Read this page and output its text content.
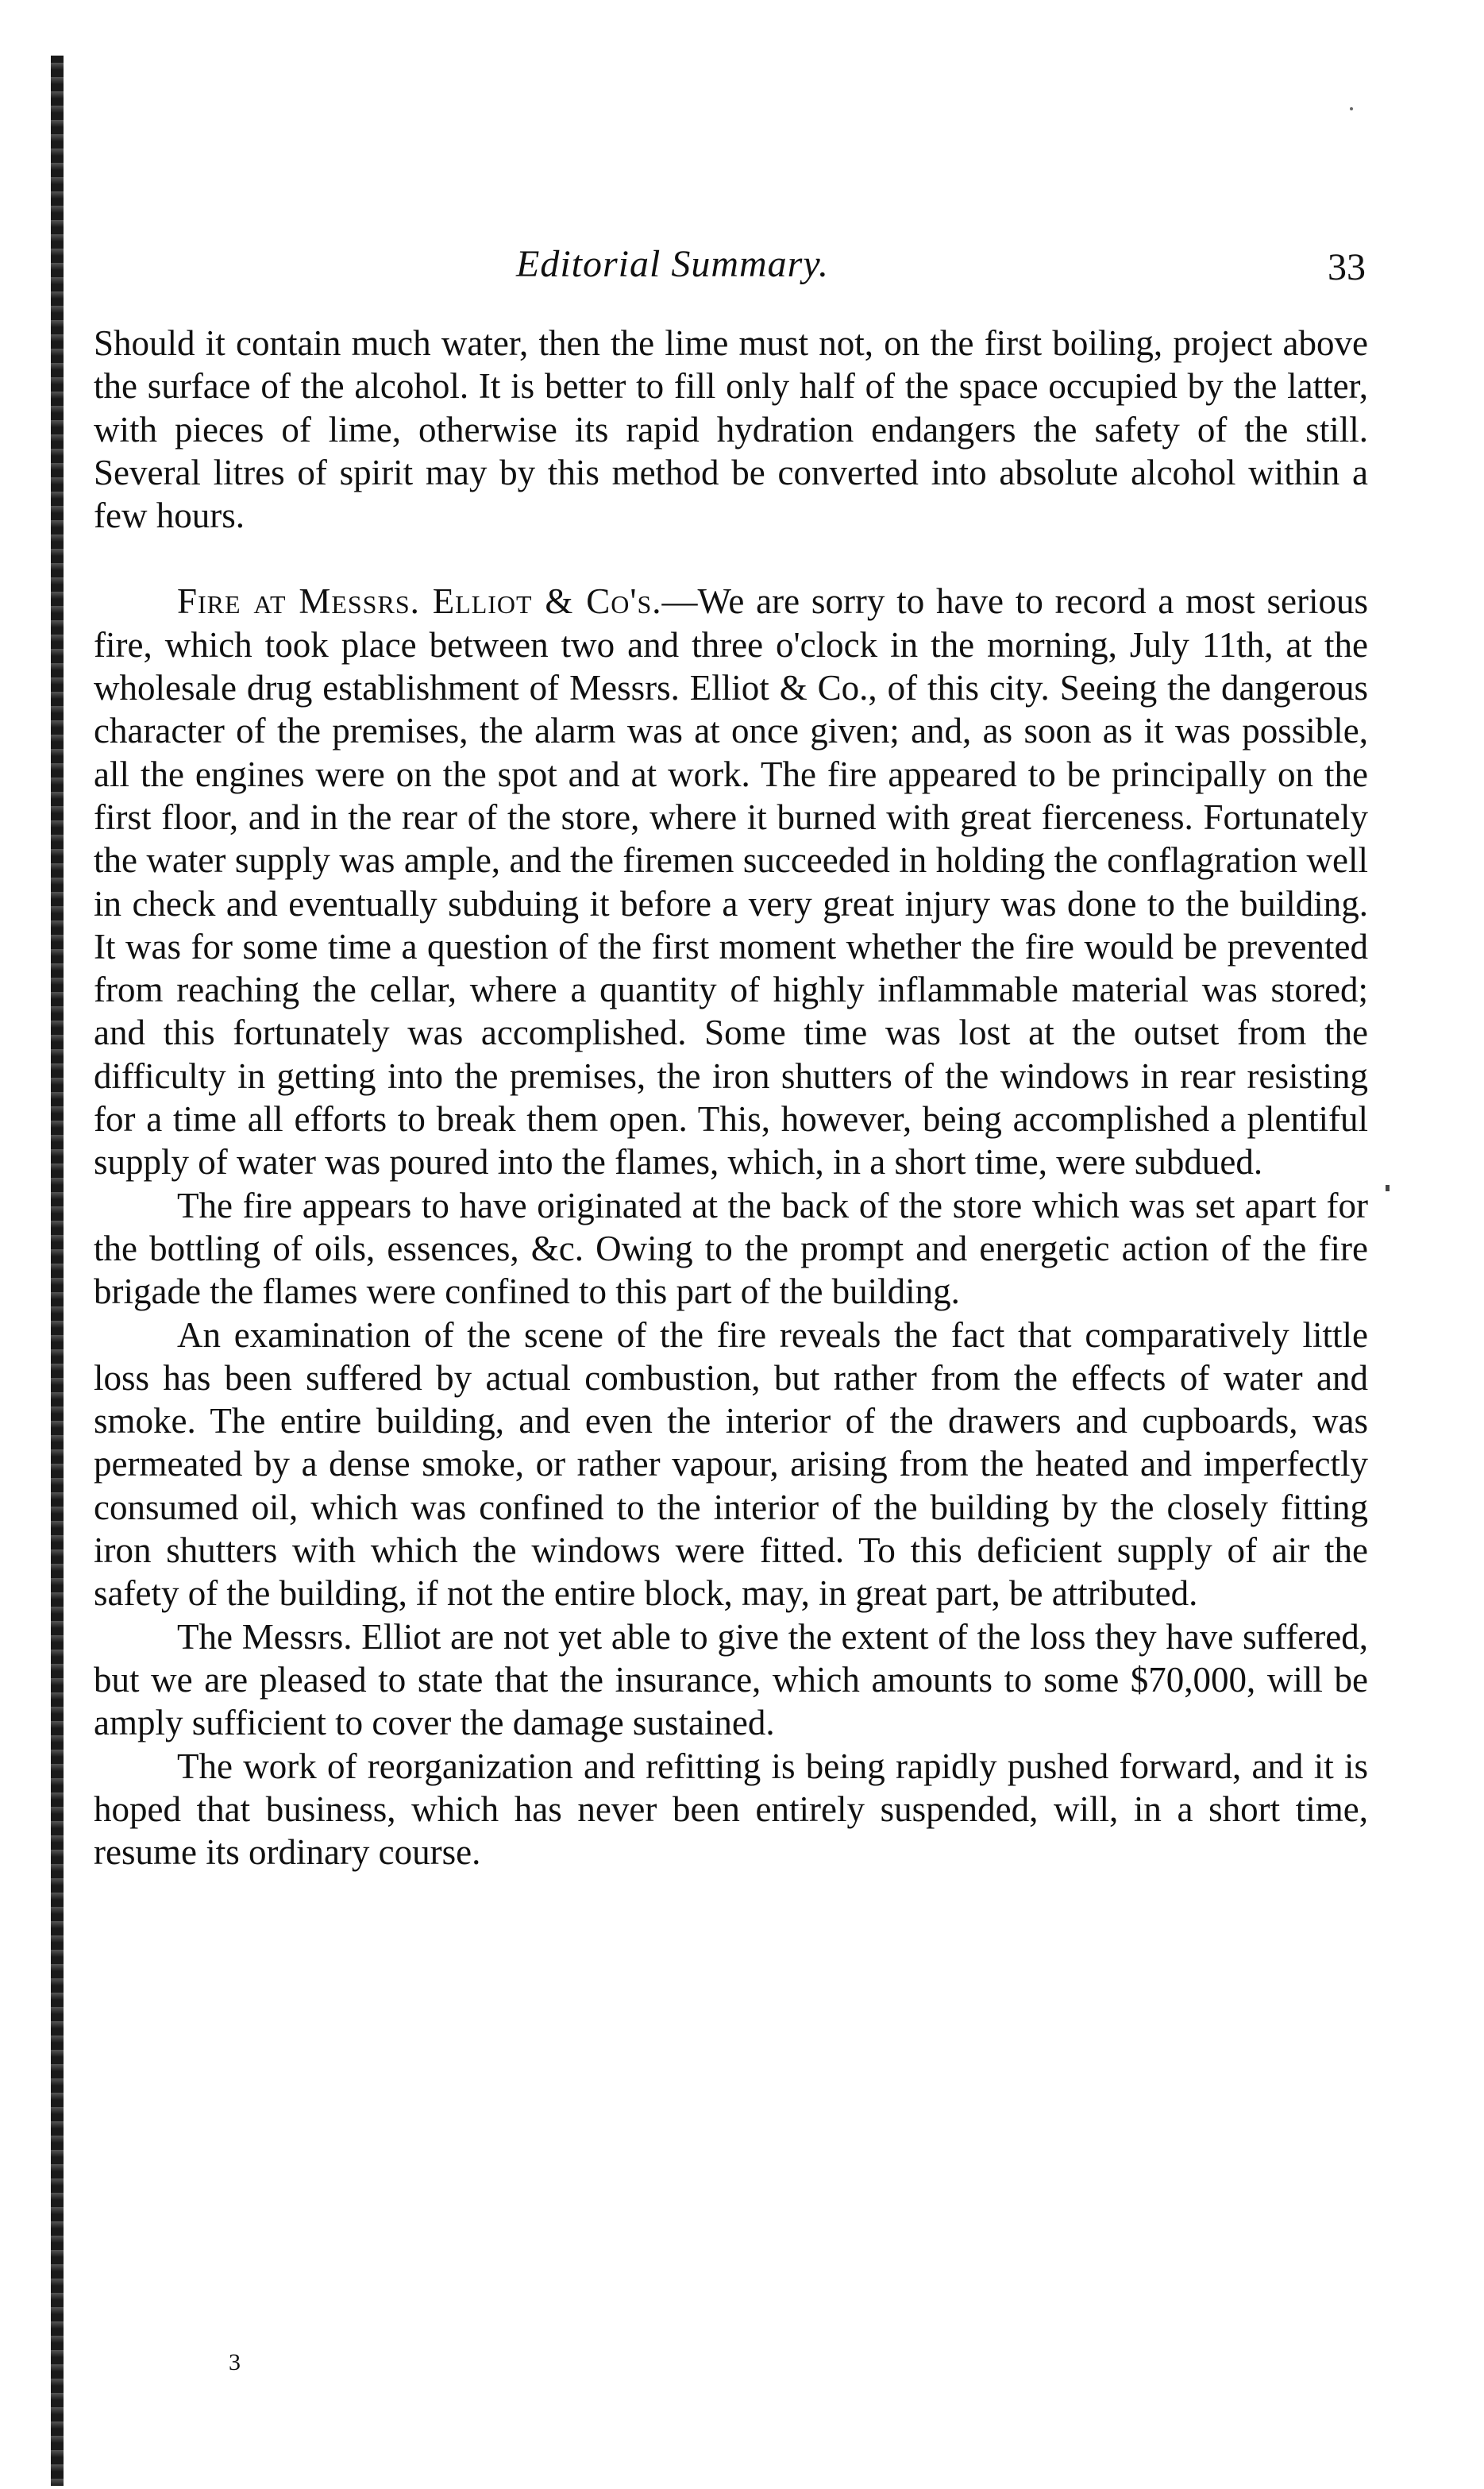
Editorial Summary.	33

Should it contain much water, then the lime must not, on the first boiling, project above the surface of the alcohol. It is better to fill only half of the space occupied by the latter, with pieces of lime, otherwise its rapid hydration endangers the safety of the still. Several litres of spirit may by this method be converted into absolute alcohol within a few hours.

Fire at Messrs. Elliot & Co's.—We are sorry to have to record a most serious fire, which took place between two and three o'clock in the morning, July 11th, at the wholesale drug establishment of Messrs. Elliot & Co., of this city. Seeing the dangerous character of the premises, the alarm was at once given; and, as soon as it was possible, all the engines were on the spot and at work. The fire appeared to be principally on the first floor, and in the rear of the store, where it burned with great fierceness. Fortunately the water supply was ample, and the firemen succeeded in holding the conflagration well in check and eventually subduing it before a very great injury was done to the building. It was for some time a question of the first moment whether the fire would be prevented from reaching the cellar, where a quantity of highly inflammable material was stored; and this fortunately was accomplished. Some time was lost at the outset from the difficulty in getting into the premises, the iron shutters of the windows in rear resisting for a time all efforts to break them open. This, however, being accomplished a plentiful supply of water was poured into the flames, which, in a short time, were subdued.

The fire appears to have originated at the back of the store which was set apart for the bottling of oils, essences, &c. Owing to the prompt and energetic action of the fire brigade the flames were confined to this part of the building.

An examination of the scene of the fire reveals the fact that comparatively little loss has been suffered by actual combustion, but rather from the effects of water and smoke. The entire building, and even the interior of the drawers and cupboards, was permeated by a dense smoke, or rather vapour, arising from the heated and imperfectly consumed oil, which was confined to the interior of the building by the closely fitting iron shutters with which the windows were fitted. To this deficient supply of air the safety of the building, if not the entire block, may, in great part, be attributed.

The Messrs. Elliot are not yet able to give the extent of the loss they have suffered, but we are pleased to state that the insurance, which amounts to some $70,000, will be amply sufficient to cover the damage sustained.

The work of reorganization and refitting is being rapidly pushed forward, and it is hoped that business, which has never been entirely suspended, will, in a short time, resume its ordinary course.

3
